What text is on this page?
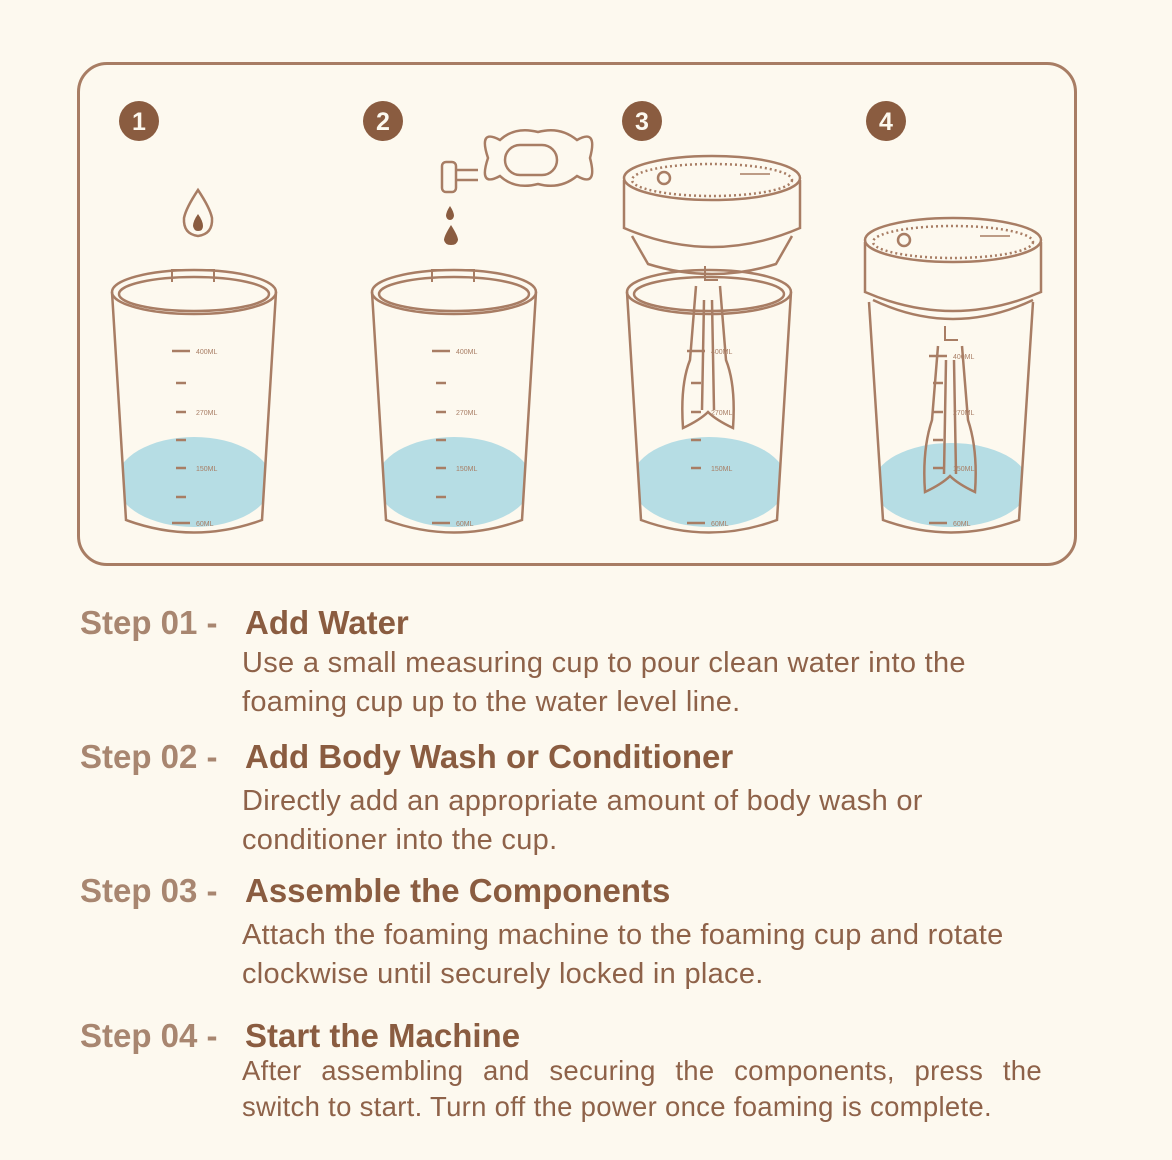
1	2	3	4
400ML
270ML
150ML
60ML
400ML
270ML
150ML
60ML
400ML
270ML
150ML
60ML
400ML
270ML
150ML
60ML
Step 01 - Add Water
Use a small measuring cup to pour clean water into the foaming cup up to the water level line.
Step 02 - Add Body Wash or Conditioner
Directly add an appropriate amount of body wash or conditioner into the cup.
Step 03 - Assemble the Components
Attach the foaming machine to the foaming cup and rotate clockwise until securely locked in place.
Step 04 - Start the Machine
After assembling and securing the components, press the switch to start. Turn off the power once foaming is complete.
